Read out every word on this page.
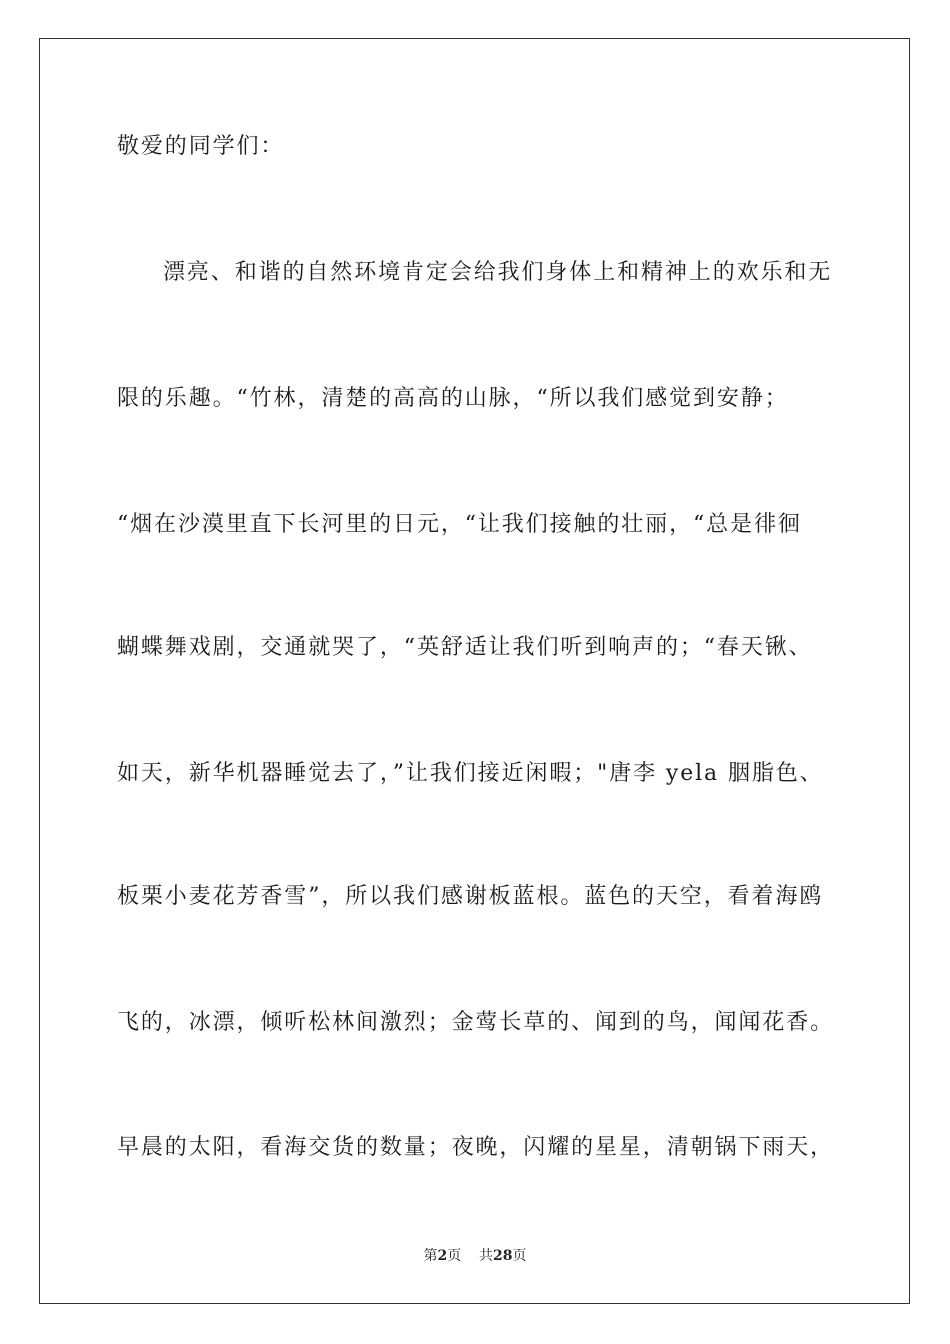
敬爱的同学们：
漂亮、和谐的自然环境肯定会给我们身体上和精神上的欢乐和无
限的乐趣。“竹林，清楚的高高的山脉，“所以我们感觉到安静；
“烟在沙漠里直下长河里的日元，“让我们接触的壮丽，“总是徘徊
蝴蝶舞戏剧，交通就哭了，“英舒适让我们听到响声的；“春天锹、
如天，新华机器睡觉去了，”让我们接近闲暇；"唐李 yela 胭脂色、
板栗小麦花芳香雪”，所以我们感谢板蓝根。蓝色的天空，看着海鸥
飞的，冰漂，倾听松林间激烈；金莺长草的、闻到的鸟，闻闻花香。
早晨的太阳，看海交货的数量；夜晚，闪耀的星星，清朝锅下雨天，
第2页 共28页
